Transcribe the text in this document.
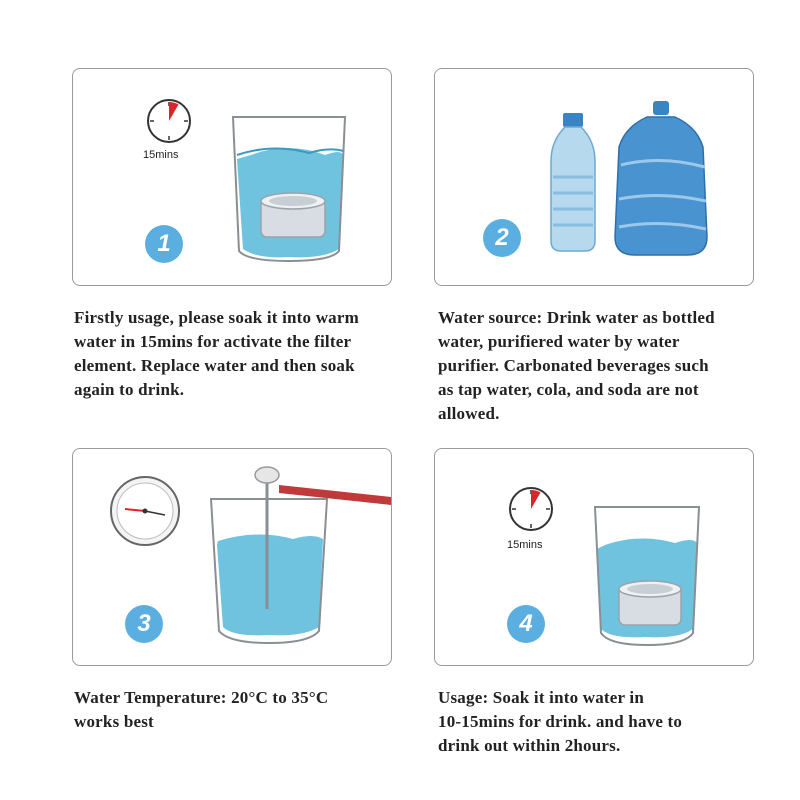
15mins
1	2
3
15mins
4
Firstly usage, please soak it into warm
water in 15mins for activate the filter
element. Replace water and then soak
again to drink.
Water source: Drink water as bottled
water, purifiered water by water
purifier. Carbonated beverages such
as tap water, cola, and soda are not
allowed.
Water Temperature: 20°C to 35°C
works best
Usage: Soak it into water in
10-15mins for drink. and have to
drink out within 2hours.
